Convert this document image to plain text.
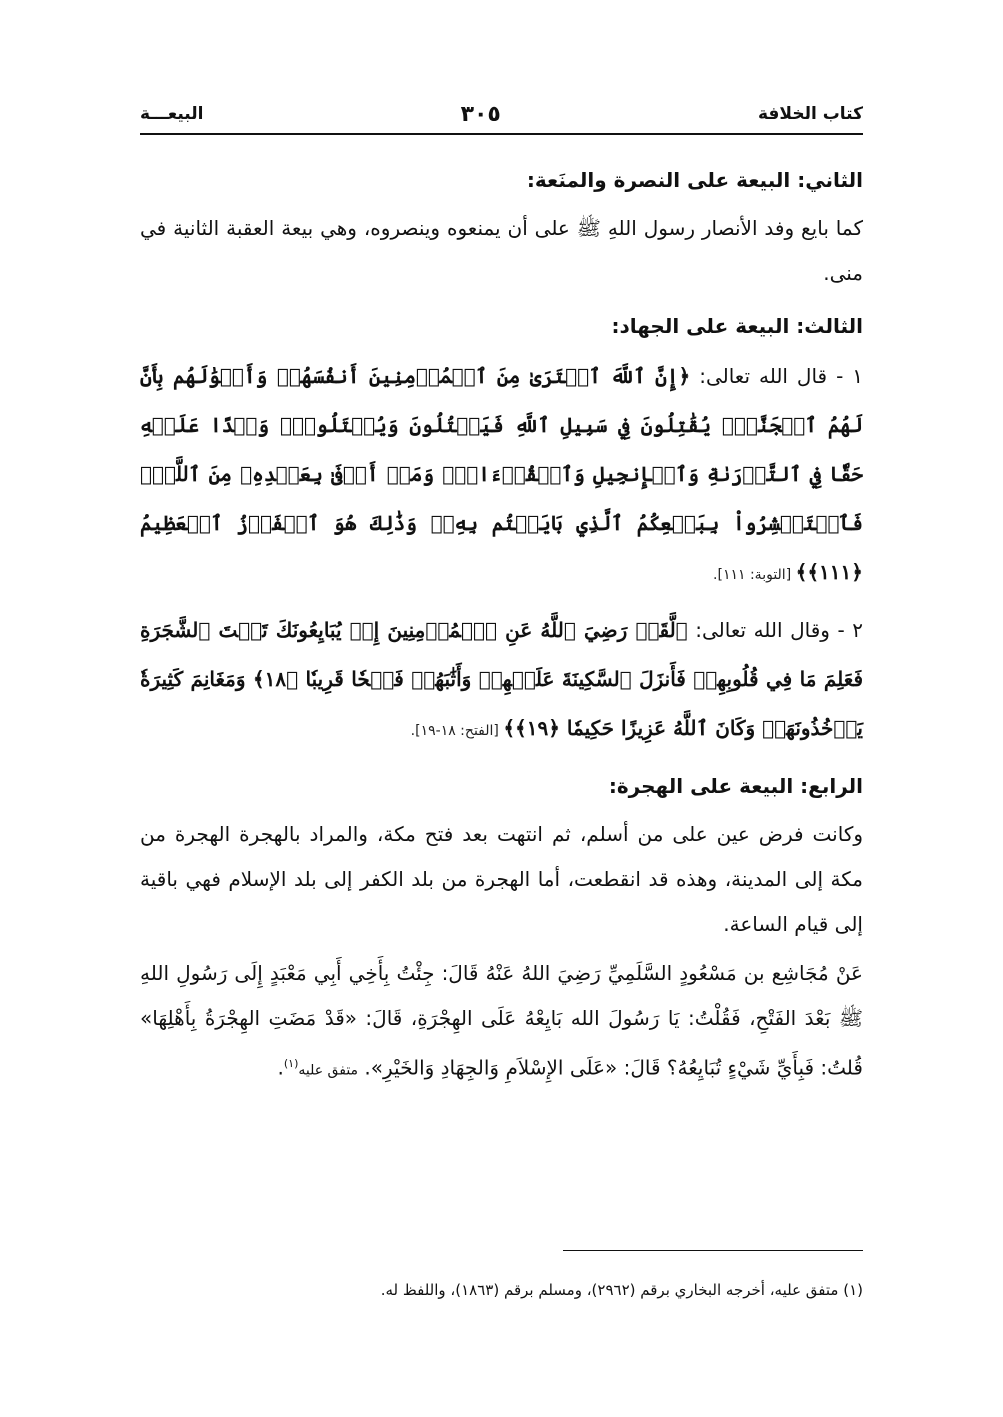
كتاب الخلافة
٣٠٥
البيعـــة
الثاني: البيعة على النصرة والمنَعة:

كما بايع وفد الأنصار رسول اللهِ ﷺ على أن يمنعوه وينصروه، وهي بيعة العقبة الثانية في منى.

الثالث: البيعة على الجهاد:

١ - قال الله تعالى: ﴿إِنَّ ٱللَّهَ ٱشۡتَرَىٰ مِنَ ٱلۡمُؤۡمِنِينَ أَنفُسَهُمۡ وَأَمۡوَٰلَهُم بِأَنَّ لَهُمُ ٱلۡجَنَّةَۚ يُقَٰتِلُونَ فِي سَبِيلِ ٱللَّهِ فَيَقۡتُلُونَ وَيُقۡتَلُونَۖ وَعۡدًا عَلَيۡهِ حَقّٗا فِي ٱلتَّوۡرَىٰةِ وَٱلۡإِنجِيلِ وَٱلۡقُرۡءَانِۚ وَمَنۡ أَوۡفَىٰ بِعَهۡدِهِۦ مِنَ ٱللَّهِۚ فَٱسۡتَبۡشِرُواْ بِبَيۡعِكُمُ ٱلَّذِي بَايَعۡتُم بِهِۦۚ وَذَٰلِكَ هُوَ ٱلۡفَوۡزُ ٱلۡعَظِيمُ ﴿١١١﴾﴾ [التوبة: ١١١].

٢ - وقال الله تعالى: ﴿لَّقَدۡ رَضِيَ ٱللَّهُ عَنِ ٱلۡمُؤۡمِنِينَ إِذۡ يُبَايِعُونَكَ تَحۡتَ ٱلشَّجَرَةِ فَعَلِمَ مَا فِي قُلُوبِهِمۡ فَأَنزَلَ ٱلسَّكِينَةَ عَلَيۡهِمۡ وَأَثَٰبَهُمۡ فَتۡحٗا قَرِيبٗا ﴿١٨﴾ وَمَغَانِمَ كَثِيرَةٗ يَأۡخُذُونَهَاۗ وَكَانَ ٱللَّهُ عَزِيزًا حَكِيمٗا ﴿١٩﴾﴾ [الفتح: ١٨-١٩].

الرابع: البيعة على الهجرة:

وكانت فرض عين على من أسلم، ثم انتهت بعد فتح مكة، والمراد بالهجرة الهجرة من مكة إلى المدينة، وهذه قد انقطعت، أما الهجرة من بلد الكفر إلى بلد الإسلام فهي باقية إلى قيام الساعة.

عَنْ مُجَاشِع بن مَسْعُودٍ السَّلَمِيِّ رَضِيَ اللهُ عَنْهُ قَالَ: جِئْتُ بِأَخِي أَبِي مَعْبَدٍ إِلَى رَسُولِ اللهِ ﷺ بَعْدَ الفَتْحِ، فَقُلْتُ: يَا رَسُولَ الله بَايِعْهُ عَلَى الهِجْرَةِ، قَالَ: «قَدْ مَضَتِ الهِجْرَةُ بِأَهْلِهَا» قُلتُ: فَبِأَيِّ شَيْءٍ تُبَايِعُهُ؟ قَالَ: «عَلَى الإِسْلاَمِ وَالجِهَادِ وَالخَيْرِ». متفق عليه$^{(١)}$.

(١) متفق عليه، أخرجه البخاري برقم (٢٩٦٢)، ومسلم برقم (١٨٦٣)، واللفظ له.
